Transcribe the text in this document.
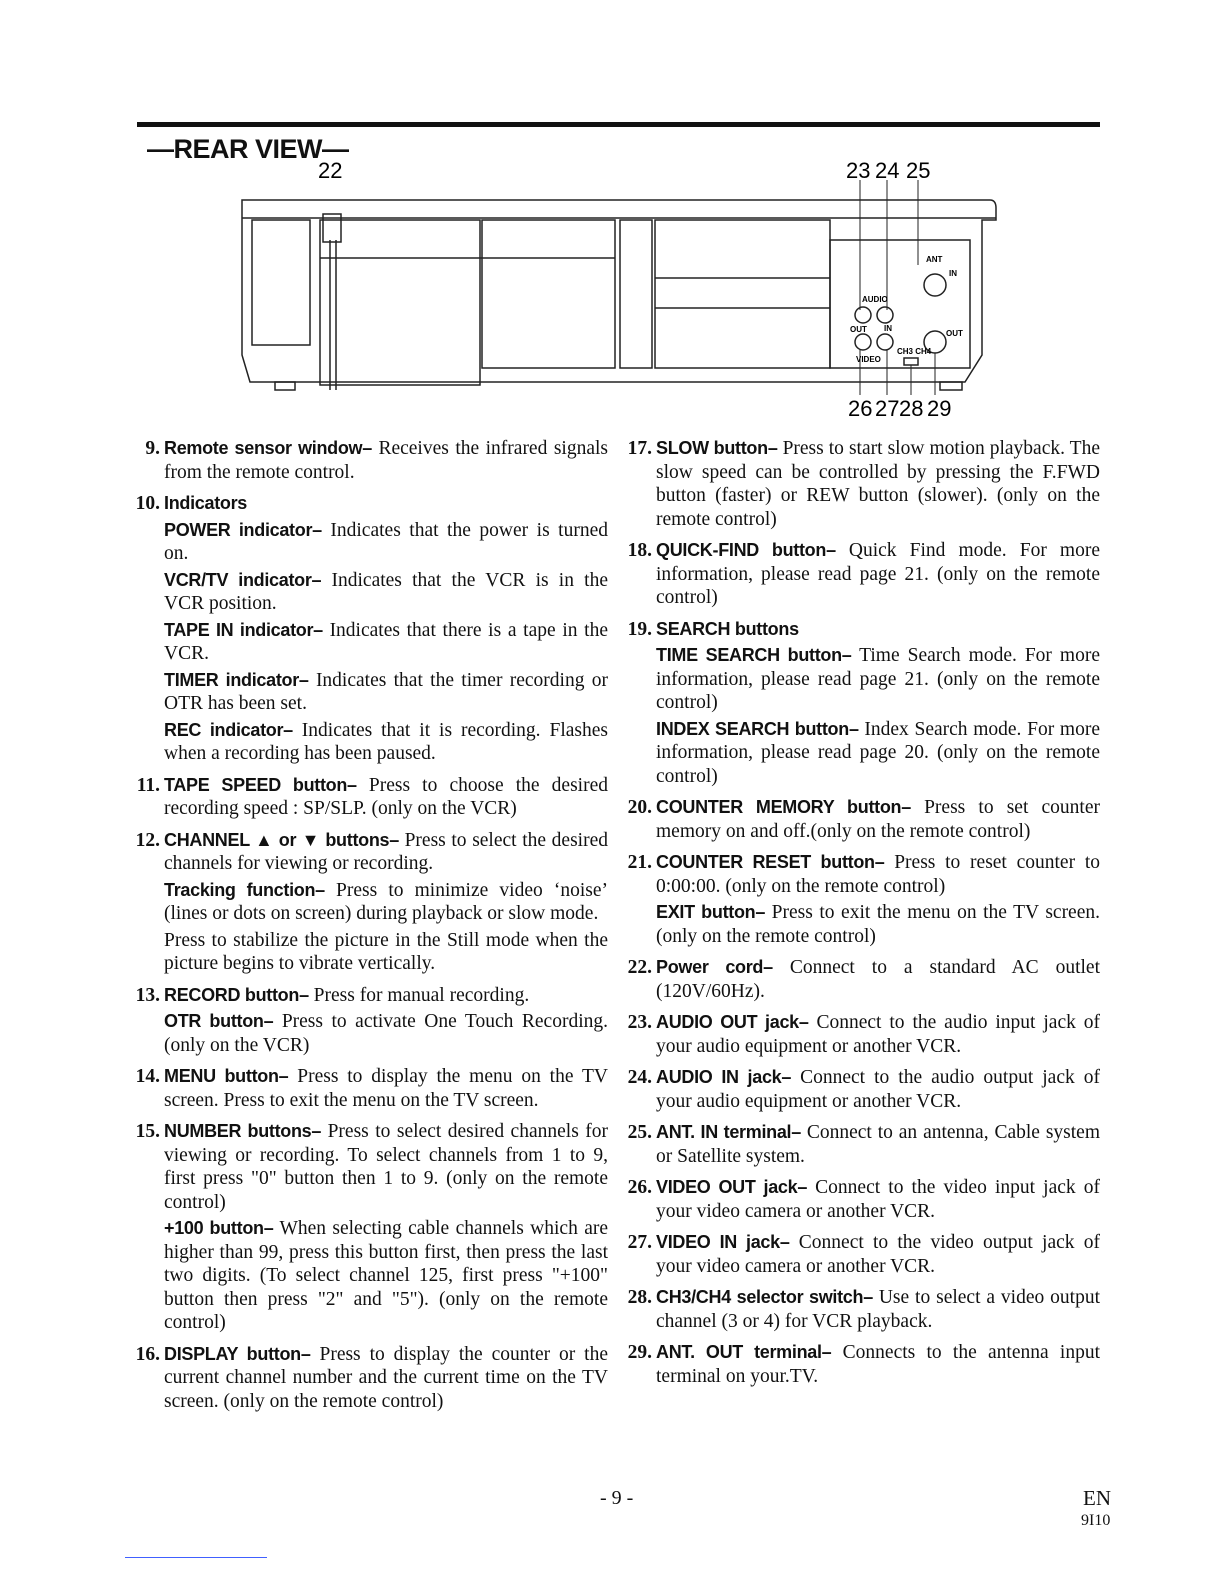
—REAR VIEW—
22	23 24 25
26 27 28 29
ANT
IN
AUDIO
OUT IN
VIDEO
OUT
CH3 CH4
9. Remote sensor window– Receives the infrared signals from the remote control.
10. Indicators
POWER indicator– Indicates that the power is turned on.
VCR/TV indicator– Indicates that the VCR is in the VCR position.
TAPE IN indicator– Indicates that there is a tape in the VCR.
TIMER indicator– Indicates that the timer recording or OTR has been set.
REC indicator– Indicates that it is recording. Flashes when a recording has been paused.
11. TAPE SPEED button– Press to choose the desired recording speed : SP/SLP. (only on the VCR)
12. CHANNEL ▲ or ▼ buttons– Press to select the desired channels for viewing or recording.
Tracking function– Press to minimize video ‘noise’ (lines or dots on screen) during playback or slow mode.
Press to stabilize the picture in the Still mode when the picture begins to vibrate vertically.
13. RECORD button– Press for manual recording.
OTR button– Press to activate One Touch Recording. (only on the VCR)
14. MENU button– Press to display the menu on the TV screen. Press to exit the menu on the TV screen.
15. NUMBER buttons– Press to select desired channels for viewing or recording. To select channels from 1 to 9, first press "0" button then 1 to 9. (only on the remote control)
+100 button– When selecting cable channels which are higher than 99, press this button first, then press the last two digits. (To select channel 125, first press "+100" button then press "2" and "5"). (only on the remote control)
16. DISPLAY button– Press to display the counter or the current channel number and the current time on the TV screen. (only on the remote control)
17. SLOW button– Press to start slow motion playback. The slow speed can be controlled by pressing the F.FWD button (faster) or REW button (slower). (only on the remote control)
18. QUICK-FIND button– Quick Find mode. For more information, please read page 21. (only on the remote control)
19. SEARCH buttons
TIME SEARCH button– Time Search mode. For more information, please read page 21. (only on the remote control)
INDEX SEARCH button– Index Search mode. For more information, please read page 20. (only on the remote control)
20. COUNTER MEMORY button– Press to set counter memory on and off.(only on the remote control)
21. COUNTER RESET button– Press to reset counter to 0:00:00. (only on the remote control)
EXIT button– Press to exit the menu on the TV screen. (only on the remote control)
22. Power cord– Connect to a standard AC outlet (120V/60Hz).
23. AUDIO OUT jack– Connect to the audio input jack of your audio equipment or another VCR.
24. AUDIO IN jack– Connect to the audio output jack of your audio equipment or another VCR.
25. ANT. IN terminal– Connect to an antenna, Cable system or Satellite system.
26. VIDEO OUT jack– Connect to the video input jack of your video camera or another VCR.
27. VIDEO IN jack– Connect to the video output jack of your video camera or another VCR.
28. CH3/CH4 selector switch– Use to select a video output channel (3 or 4) for VCR playback.
29. ANT. OUT terminal– Connects to the antenna input terminal on your.TV.
- 9 -	EN
9I10
